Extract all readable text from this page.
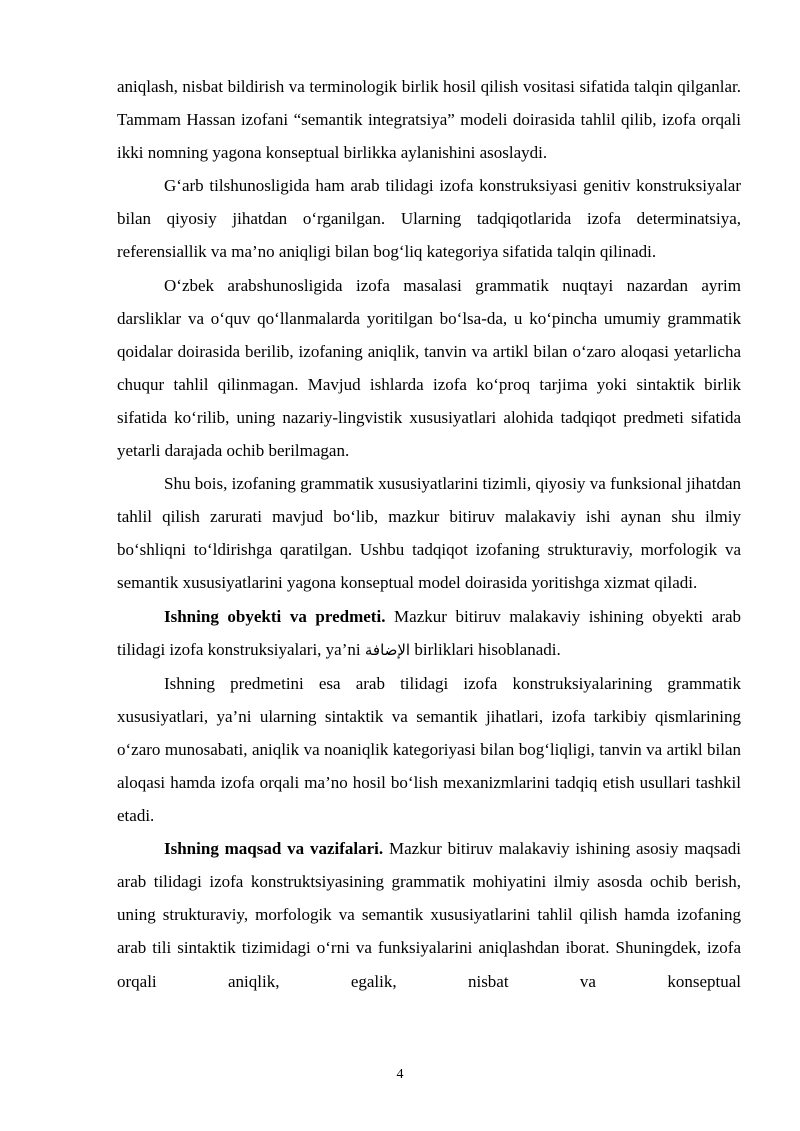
aniqlash, nisbat bildirish va terminologik birlik hosil qilish vositasi sifatida talqin qilganlar. Tammam Hassan izofani “semantik integratsiya” modeli doirasida tahlil qilib, izofa orqali ikki nomning yagona konseptual birlikka aylanishini asoslaydi.

G‘arb tilshunosligida ham arab tilidagi izofa konstruksiyasi genitiv konstruksiyalar bilan qiyosiy jihatdan o‘rganilgan. Ularning tadqiqotlarida izofa determinatsiya, referensiallik va ma’no aniqligi bilan bog‘liq kategoriya sifatida talqin qilinadi.

O‘zbek arabshunosligida izofa masalasi grammatik nuqtayi nazardan ayrim darsliklar va o‘quv qo‘llanmalarda yoritilgan bo‘lsa-da, u ko‘pincha umumiy grammatik qoidalar doirasida berilib, izofaning aniqlik, tanvin va artikl bilan o‘zaro aloqasi yetarlicha chuqur tahlil qilinmagan. Mavjud ishlarda izofa ko‘proq tarjima yoki sintaktik birlik sifatida ko‘rilib, uning nazariy-lingvistik xususiyatlari alohida tadqiqot predmeti sifatida yetarli darajada ochib berilmagan.

Shu bois, izofaning grammatik xususiyatlarini tizimli, qiyosiy va funksional jihatdan tahlil qilish zarurati mavjud bo‘lib, mazkur bitiruv malakaviy ishi aynan shu ilmiy bo‘shliqni to‘ldirishga qaratilgan. Ushbu tadqiqot izofaning strukturaviy, morfologik va semantik xususiyatlarini yagona konseptual model doirasida yoritishga xizmat qiladi.

Ishning obyekti va predmeti. Mazkur bitiruv malakaviy ishining obyekti arab tilidagi izofa konstruksiyalari, ya’ni الإضافة birliklari hisoblanadi.

Ishning predmetini esa arab tilidagi izofa konstruksiyalarining grammatik xususiyatlari, ya’ni ularning sintaktik va semantik jihatlari, izofa tarkibiy qismlarining o‘zaro munosabati, aniqlik va noaniqlik kategoriyasi bilan bog‘liqligi, tanvin va artikl bilan aloqasi hamda izofa orqali ma’no hosil bo‘lish mexanizmlarini tadqiq etish usullari tashkil etadi.

Ishning maqsad va vazifalari. Mazkur bitiruv malakaviy ishining asosiy maqsadi arab tilidagi izofa konstruktsiyasining grammatik mohiyatini ilmiy asosda ochib berish, uning strukturaviy, morfologik va semantik xususiyatlarini tahlil qilish hamda izofaning arab tili sintaktik tizimidagi o‘rni va funksiyalarini aniqlashdan iborat. Shuningdek, izofa orqali aniqlik, egalik, nisbat va konseptual

4
